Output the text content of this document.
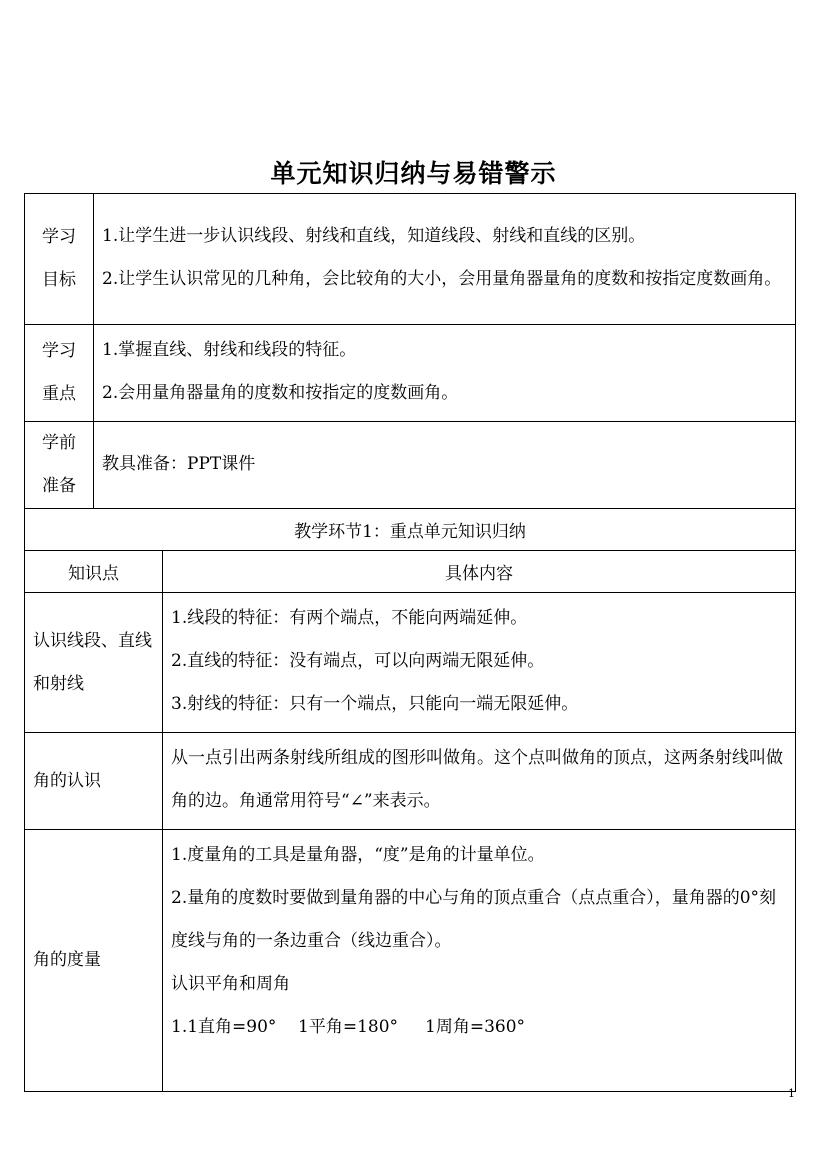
单元知识归纳与易错警示
学习
目标	1.让学生进一步认识线段、射线和直线，知道线段、射线和直线的区别。
2.让学生认识常见的几种角，会比较角的大小，会用量角器量角的度数和按指定度数画角。	

学习
重点	1.掌握直线、射线和线段的特征。
2.会用量角器量角的度数和按指定的度数画角。	

学前
准备	教具准备：PPT课件	

教学环节1：重点单元知识归纳		
知识点		具体内容

认识线段、直线和射线		1.线段的特征：有两个端点，不能向两端延伸。
2.直线的特征：没有端点，可以向两端无限延伸。
3.射线的特征：只有一个端点，只能向一端无限延伸。

角的认识		从一点引出两条射线所组成的图形叫做角。这个点叫做角的顶点，这两条射线叫做角的边。角通常用符号“∠”来表示。

角的度量		1.度量角的工具是量角器，“度”是角的计量单位。
2.量角的度数时要做到量角器的中心与角的顶点重合（点点重合），量角器的0°刻度线与角的一条边重合（线边重合）。
认识平角和周角
1.1直角=90°    1平角=180°     1周角=360°
1
